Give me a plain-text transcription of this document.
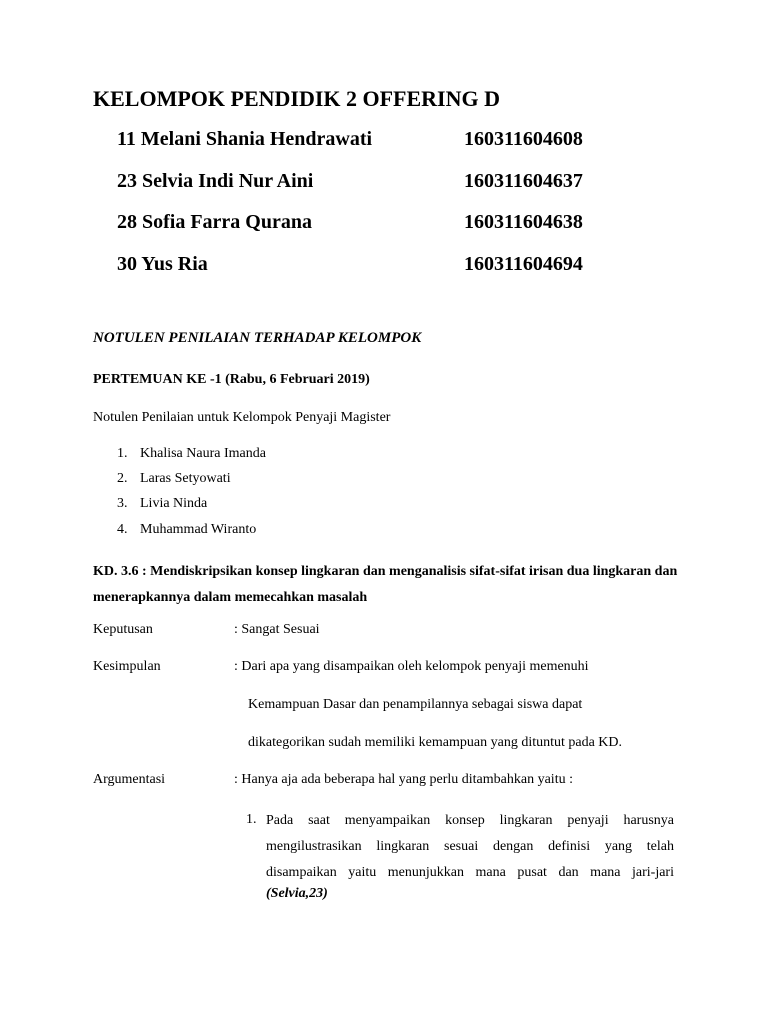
KELOMPOK PENDIDIK 2 OFFERING D
11 Melani Shania Hendrawati	160311604608
23 Selvia Indi Nur Aini	160311604637
28 Sofia Farra Qurana	160311604638
30 Yus Ria	160311604694
NOTULEN PENILAIAN TERHADAP KELOMPOK
PERTEMUAN KE -1 (Rabu, 6 Februari 2019)
Notulen Penilaian untuk Kelompok Penyaji Magister
1. Khalisa Naura Imanda
2. Laras Setyowati
3. Livia Ninda
4. Muhammad Wiranto
KD. 3.6 : Mendiskripsikan konsep lingkaran dan menganalisis sifat-sifat irisan dua lingkaran dan menerapkannya dalam memecahkan masalah
Keputusan	: Sangat Sesuai
Kesimpulan	: Dari apa yang disampaikan oleh kelompok penyaji memenuhi
Kemampuan Dasar dan penampilannya sebagai siswa dapat
dikategorikan sudah memiliki kemampuan yang dituntut pada KD.
Argumentasi	: Hanya aja ada beberapa hal yang perlu ditambahkan yaitu :
1. Pada saat menyampaikan konsep lingkaran penyaji harusnya mengilustrasikan lingkaran sesuai dengan definisi yang telah disampaikan yaitu menunjukkan mana pusat dan mana jari-jari
(Selvia,23)
